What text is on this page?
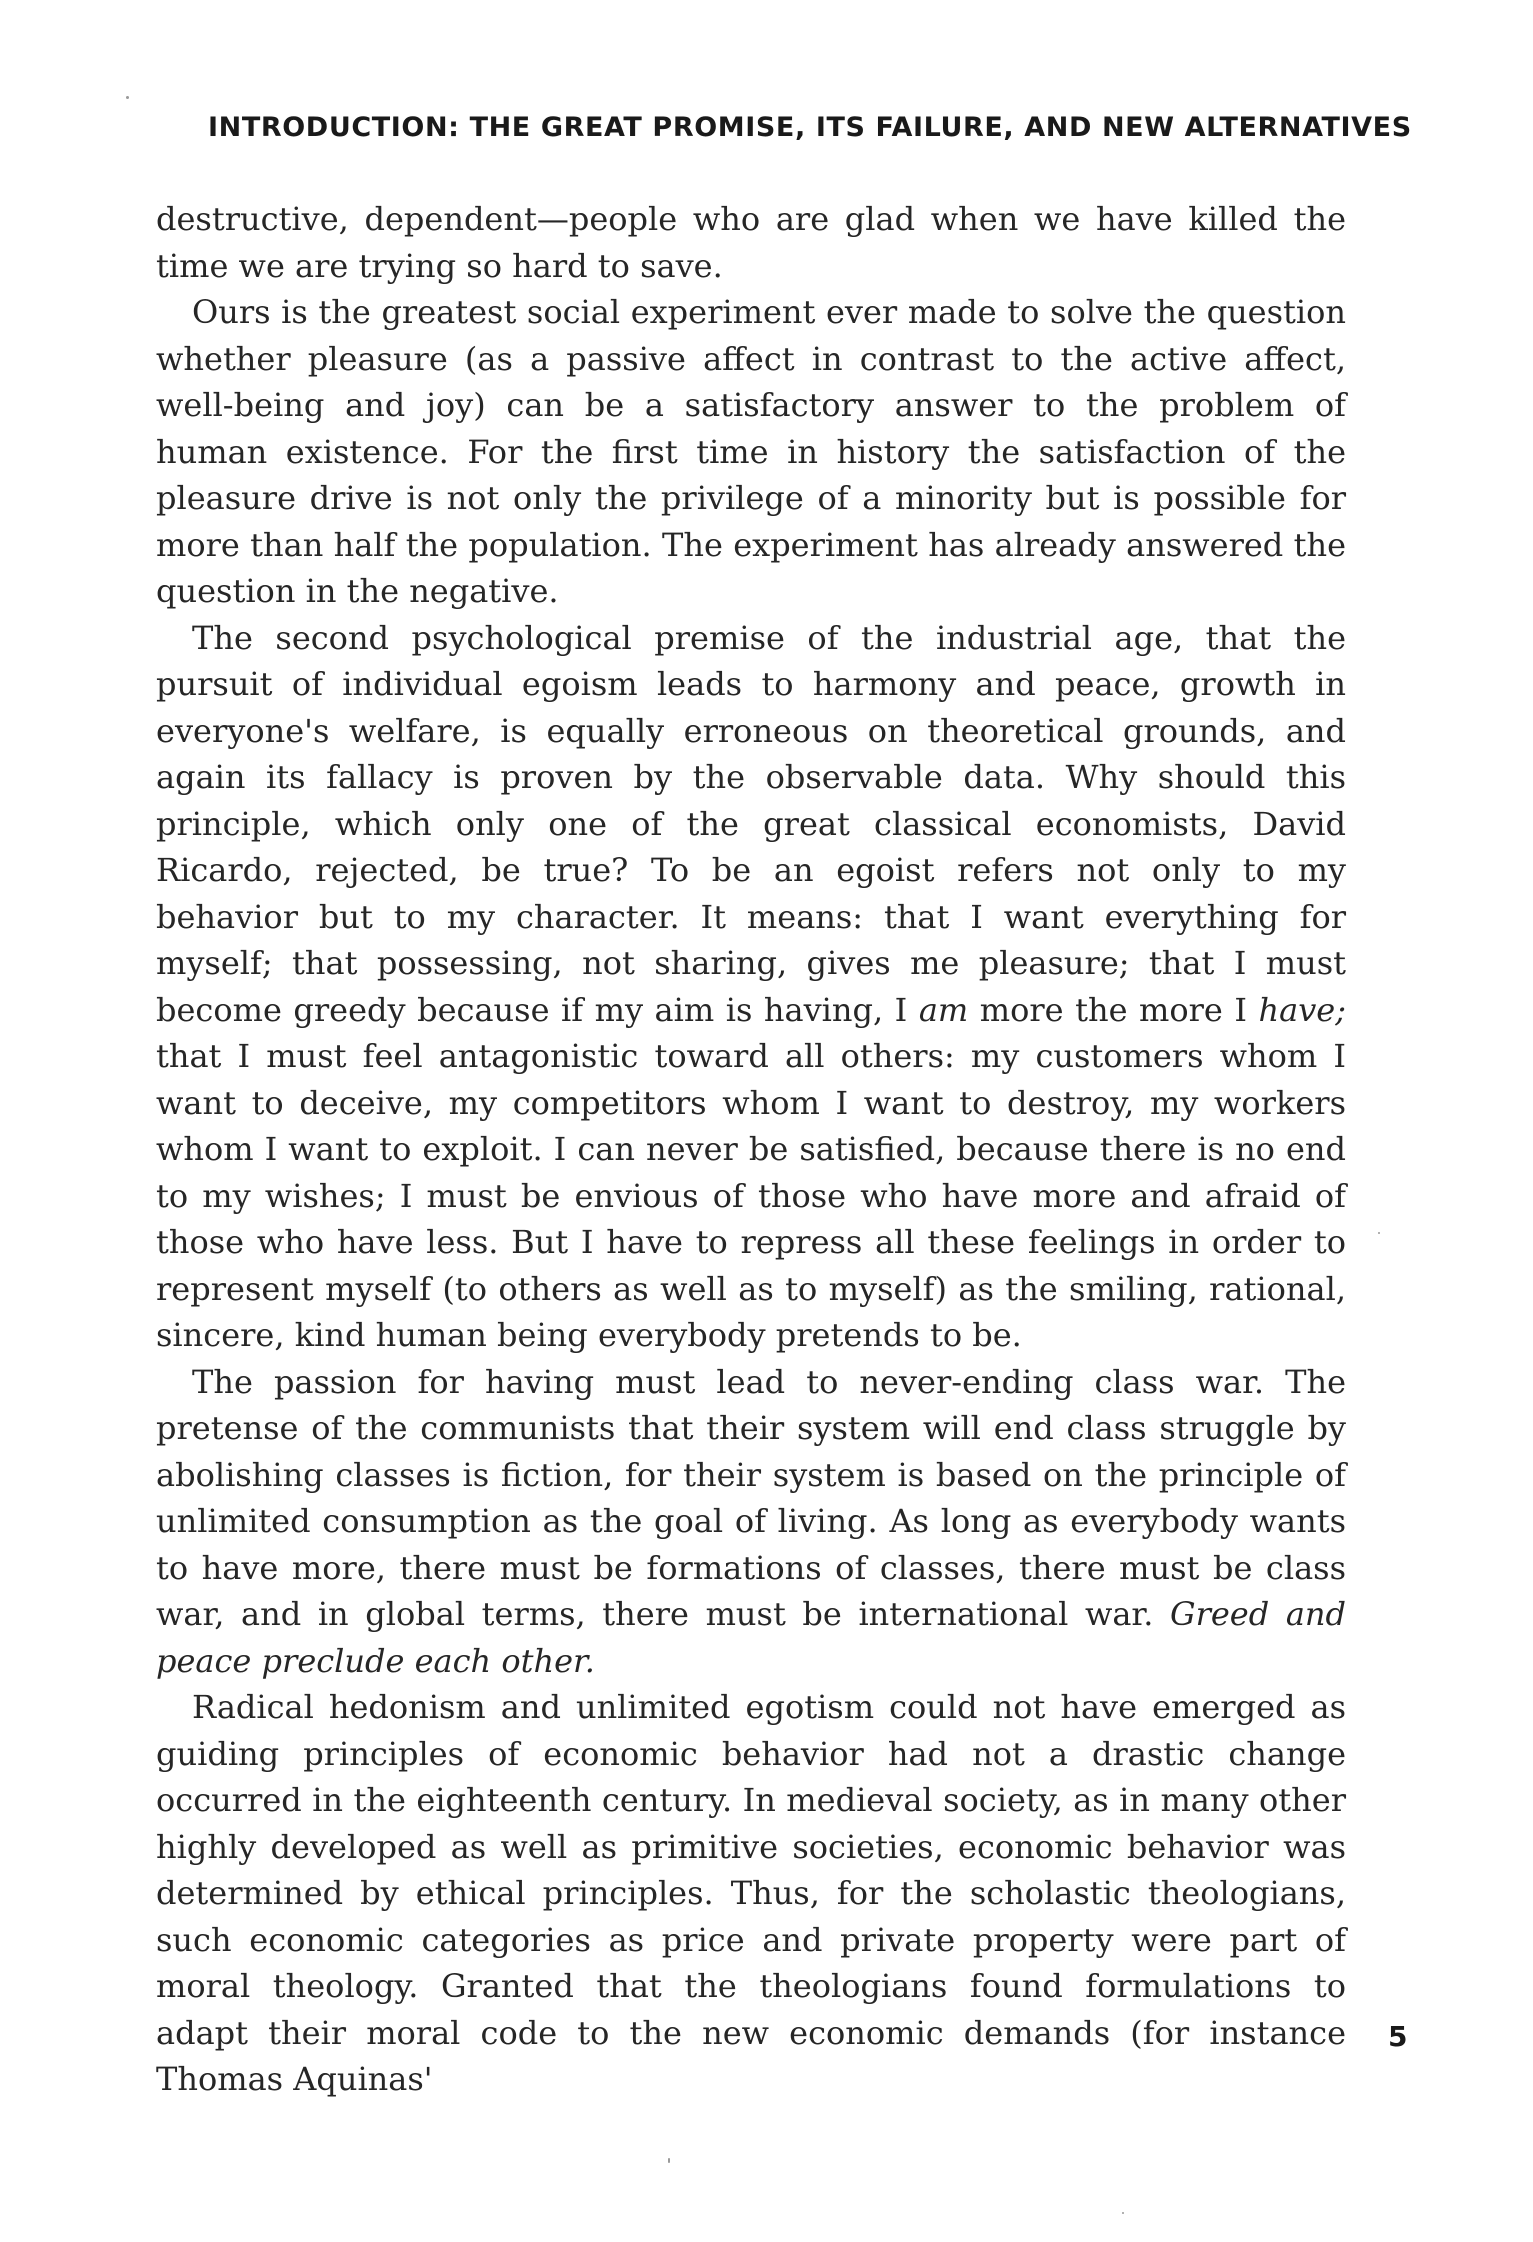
INTRODUCTION: THE GREAT PROMISE, ITS FAILURE, AND NEW ALTERNATIVES

destructive, dependent—people who are glad when we have killed the time we are trying so hard to save.

Ours is the greatest social experiment ever made to solve the question whether pleasure (as a passive affect in contrast to the active affect, well-being and joy) can be a satisfactory answer to the problem of human existence. For the first time in history the satisfaction of the pleasure drive is not only the privilege of a minority but is possible for more than half the population. The experiment has already answered the question in the negative.

The second psychological premise of the industrial age, that the pursuit of individual egoism leads to harmony and peace, growth in everyone's welfare, is equally erroneous on theoretical grounds, and again its fallacy is proven by the observable data. Why should this principle, which only one of the great classical economists, David Ricardo, rejected, be true? To be an egoist refers not only to my behavior but to my character. It means: that I want everything for myself; that possessing, not sharing, gives me pleasure; that I must become greedy because if my aim is having, I am more the more I have; that I must feel antagonistic toward all others: my customers whom I want to deceive, my competitors whom I want to destroy, my workers whom I want to exploit. I can never be satisfied, because there is no end to my wishes; I must be envious of those who have more and afraid of those who have less. But I have to repress all these feelings in order to represent myself (to others as well as to myself) as the smiling, rational, sincere, kind human being everybody pretends to be.

The passion for having must lead to never-ending class war. The pretense of the communists that their system will end class struggle by abolishing classes is fiction, for their system is based on the principle of unlimited consumption as the goal of living. As long as everybody wants to have more, there must be formations of classes, there must be class war, and in global terms, there must be international war. Greed and peace preclude each other.

Radical hedonism and unlimited egotism could not have emerged as guiding principles of economic behavior had not a drastic change occurred in the eighteenth century. In medieval society, as in many other highly developed as well as primitive societies, economic behavior was determined by ethical principles. Thus, for the scholastic theologians, such economic categories as price and private property were part of moral theology. Granted that the theologians found formulations to adapt their moral code to the new economic demands (for instance Thomas Aquinas'

5
